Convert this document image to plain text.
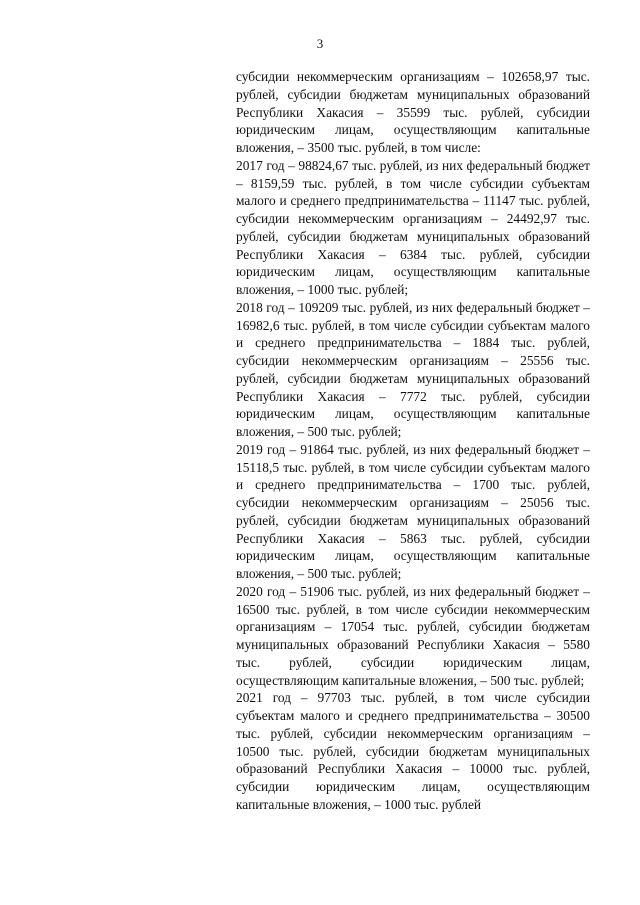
3

субсидии некоммерческим организациям – 102658,97 тыс. рублей, субсидии бюджетам муниципальных образований Республики Хакасия – 35599 тыс. рублей, субсидии юридическим лицам, осуществляющим капитальные вложения, – 3500 тыс. рублей, в том числе:

2017 год – 98824,67 тыс. рублей, из них федеральный бюджет – 8159,59 тыс. рублей, в том числе субсидии субъектам малого и среднего предпринимательства – 11147 тыс. рублей, субсидии некоммерческим организациям – 24492,97 тыс. рублей, субсидии бюджетам муниципальных образований Республики Хакасия – 6384 тыс. рублей, субсидии юридическим лицам, осуществляющим капитальные вложения, – 1000 тыс. рублей;

2018 год – 109209 тыс. рублей, из них федеральный бюджет – 16982,6 тыс. рублей, в том числе субсидии субъектам малого и среднего предпринимательства – 1884 тыс. рублей, субсидии некоммерческим организациям – 25556 тыс. рублей, субсидии бюджетам муниципальных образований Республики Хакасия – 7772 тыс. рублей, субсидии юридическим лицам, осуществляющим капитальные вложения, – 500 тыс. рублей;

2019 год – 91864 тыс. рублей, из них федеральный бюджет – 15118,5 тыс. рублей, в том числе субсидии субъектам малого и среднего предпринимательства – 1700 тыс. рублей, субсидии некоммерческим организациям – 25056 тыс. рублей, субсидии бюджетам муниципальных образований Республики Хакасия – 5863 тыс. рублей, субсидии юридическим лицам, осуществляющим капитальные вложения, – 500 тыс. рублей;

2020 год – 51906 тыс. рублей, из них федеральный бюджет – 16500 тыс. рублей, в том числе субсидии некоммерческим организациям – 17054 тыс. рублей, субсидии бюджетам муниципальных образований Республики Хакасия – 5580 тыс. рублей, субсидии юридическим лицам, осуществляющим капитальные вложения, – 500 тыс. рублей;

2021 год – 97703 тыс. рублей, в том числе субсидии субъектам малого и среднего предпринимательства – 30500 тыс. рублей, субсидии некоммерческим организациям – 10500 тыс. рублей, субсидии бюджетам муниципальных образований Республики Хакасия – 10000 тыс. рублей, субсидии юридическим лицам, осуществляющим капитальные вложения, – 1000 тыс. рублей
